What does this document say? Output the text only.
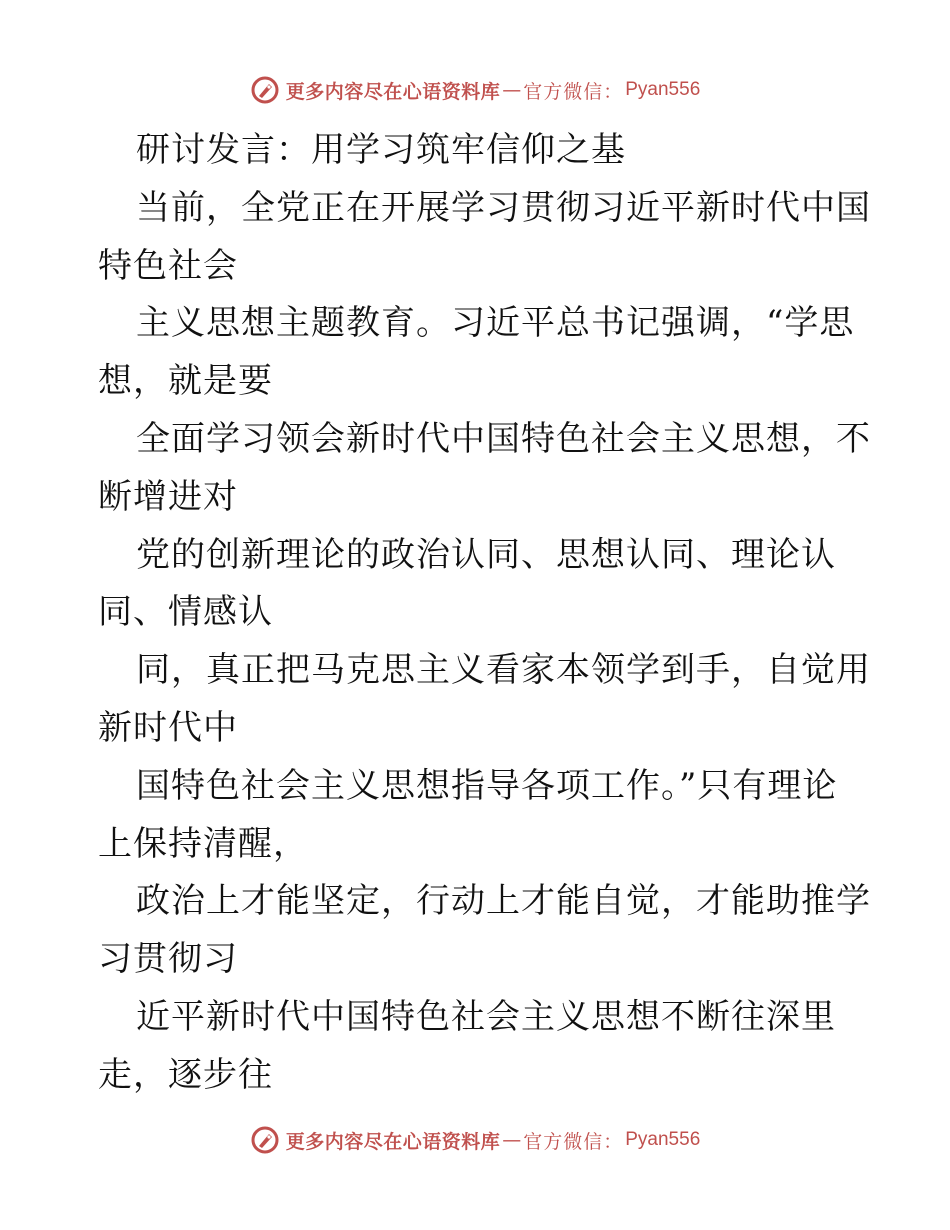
更多内容尽在心语资料库 — 官方微信： Pyan556
研讨发言：用学习筑牢信仰之基
当前，全党正在开展学习贯彻习近平新时代中国
特色社会
主义思想主题教育。习近平总书记强调，“学思
想，就是要
全面学习领会新时代中国特色社会主义思想，不
断增进对
党的创新理论的政治认同、思想认同、理论认
同、情感认
同，真正把马克思主义看家本领学到手，自觉用
新时代中
国特色社会主义思想指导各项工作。”只有理论
上保持清醒，
政治上才能坚定，行动上才能自觉，才能助推学
习贯彻习
近平新时代中国特色社会主义思想不断往深里
走，逐步往
更多内容尽在心语资料库 — 官方微信： Pyan556
